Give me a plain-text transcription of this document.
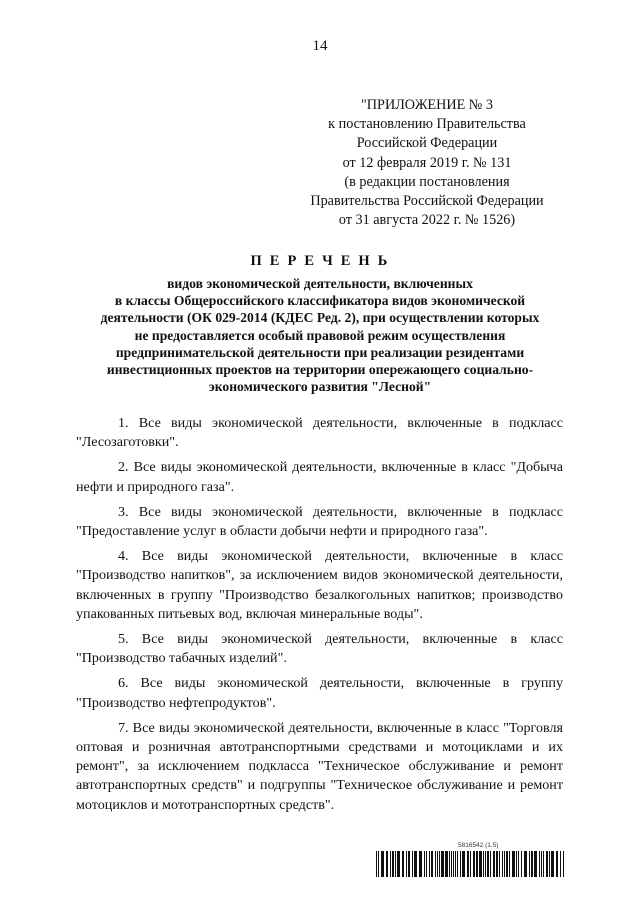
14
"ПРИЛОЖЕНИЕ № 3
к постановлению Правительства
Российской Федерации
от 12 февраля 2019 г. № 131
(в редакции постановления
Правительства Российской Федерации
от 31 августа 2022 г. № 1526)
П Е Р Е Ч Е Н Ь
видов экономической деятельности, включенных
в классы Общероссийского классификатора видов экономической
деятельности (ОК 029-2014 (КДЕС Ред. 2), при осуществлении которых
не предоставляется особый правовой режим осуществления
предпринимательской деятельности при реализации резидентами
инвестиционных проектов на территории опережающего социально-
экономического развития "Лесной"

1. Все виды экономической деятельности, включенные в подкласс "Лесозаготовки".

2. Все виды экономической деятельности, включенные в класс "Добыча нефти и природного газа".

3. Все виды экономической деятельности, включенные в подкласс "Предоставление услуг в области добычи нефти и природного газа".

4. Все виды экономической деятельности, включенные в класс "Производство напитков", за исключением видов экономической деятельности, включенных в группу "Производство безалкогольных напитков; производство упакованных питьевых вод, включая минеральные воды".

5. Все виды экономической деятельности, включенные в класс "Производство табачных изделий".

6. Все виды экономической деятельности, включенные в группу "Производство нефтепродуктов".

7. Все виды экономической деятельности, включенные в класс "Торговля оптовая и розничная автотранспортными средствами и мотоциклами и их ремонт", за исключением подкласса "Техническое обслуживание и ремонт автотранспортных средств" и подгруппы "Техническое обслуживание и ремонт мотоциклов и мототранспортных средств".

5816542 (1.5)
